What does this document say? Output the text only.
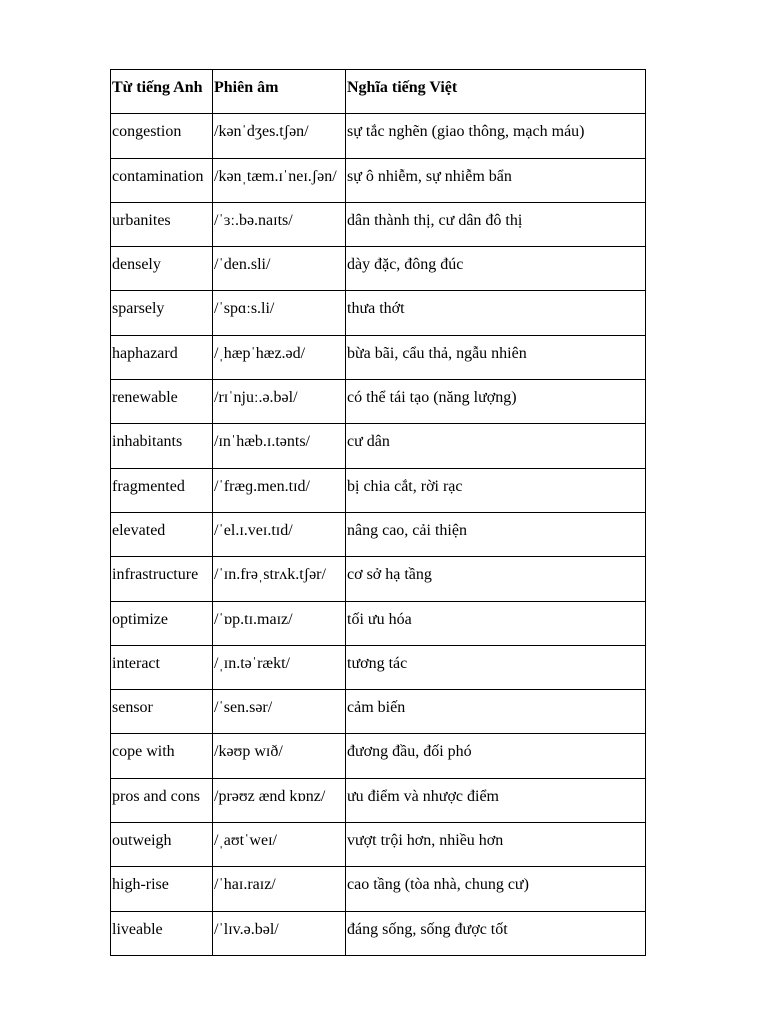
Từ tiếng Anh	Phiên âm	Nghĩa tiếng Việt

congestion	/kənˈdʒes.tʃən/	sự tắc nghẽn (giao thông, mạch máu)

contamination	/kənˌtæm.ɪˈneɪ.ʃən/	sự ô nhiễm, sự nhiễm bẩn

urbanites	/ˈɜː.bə.naɪts/	dân thành thị, cư dân đô thị

densely	/ˈden.sli/	dày đặc, đông đúc

sparsely	/ˈspɑːs.li/	thưa thớt

haphazard	/ˌhæpˈhæz.əd/	bừa bãi, cẩu thả, ngẫu nhiên

renewable	/rɪˈnjuː.ə.bəl/	có thể tái tạo (năng lượng)

inhabitants	/ɪnˈhæb.ɪ.tənts/	cư dân

fragmented	/ˈfræɡ.men.tɪd/	bị chia cắt, rời rạc

elevated	/ˈel.ɪ.veɪ.tɪd/	nâng cao, cải thiện

infrastructure	/ˈɪn.frəˌstrʌk.tʃər/	cơ sở hạ tầng

optimize	/ˈɒp.tɪ.maɪz/	tối ưu hóa

interact	/ˌɪn.təˈrækt/	tương tác

sensor	/ˈsen.sər/	cảm biến

cope with	/kəʊp wɪð/	đương đầu, đối phó

pros and cons	/prəʊz ænd kɒnz/	ưu điểm và nhược điểm

outweigh	/ˌaʊtˈweɪ/	vượt trội hơn, nhiều hơn

high-rise	/ˈhaɪ.raɪz/	cao tầng (tòa nhà, chung cư)

liveable	/ˈlɪv.ə.bəl/	đáng sống, sống được tốt
